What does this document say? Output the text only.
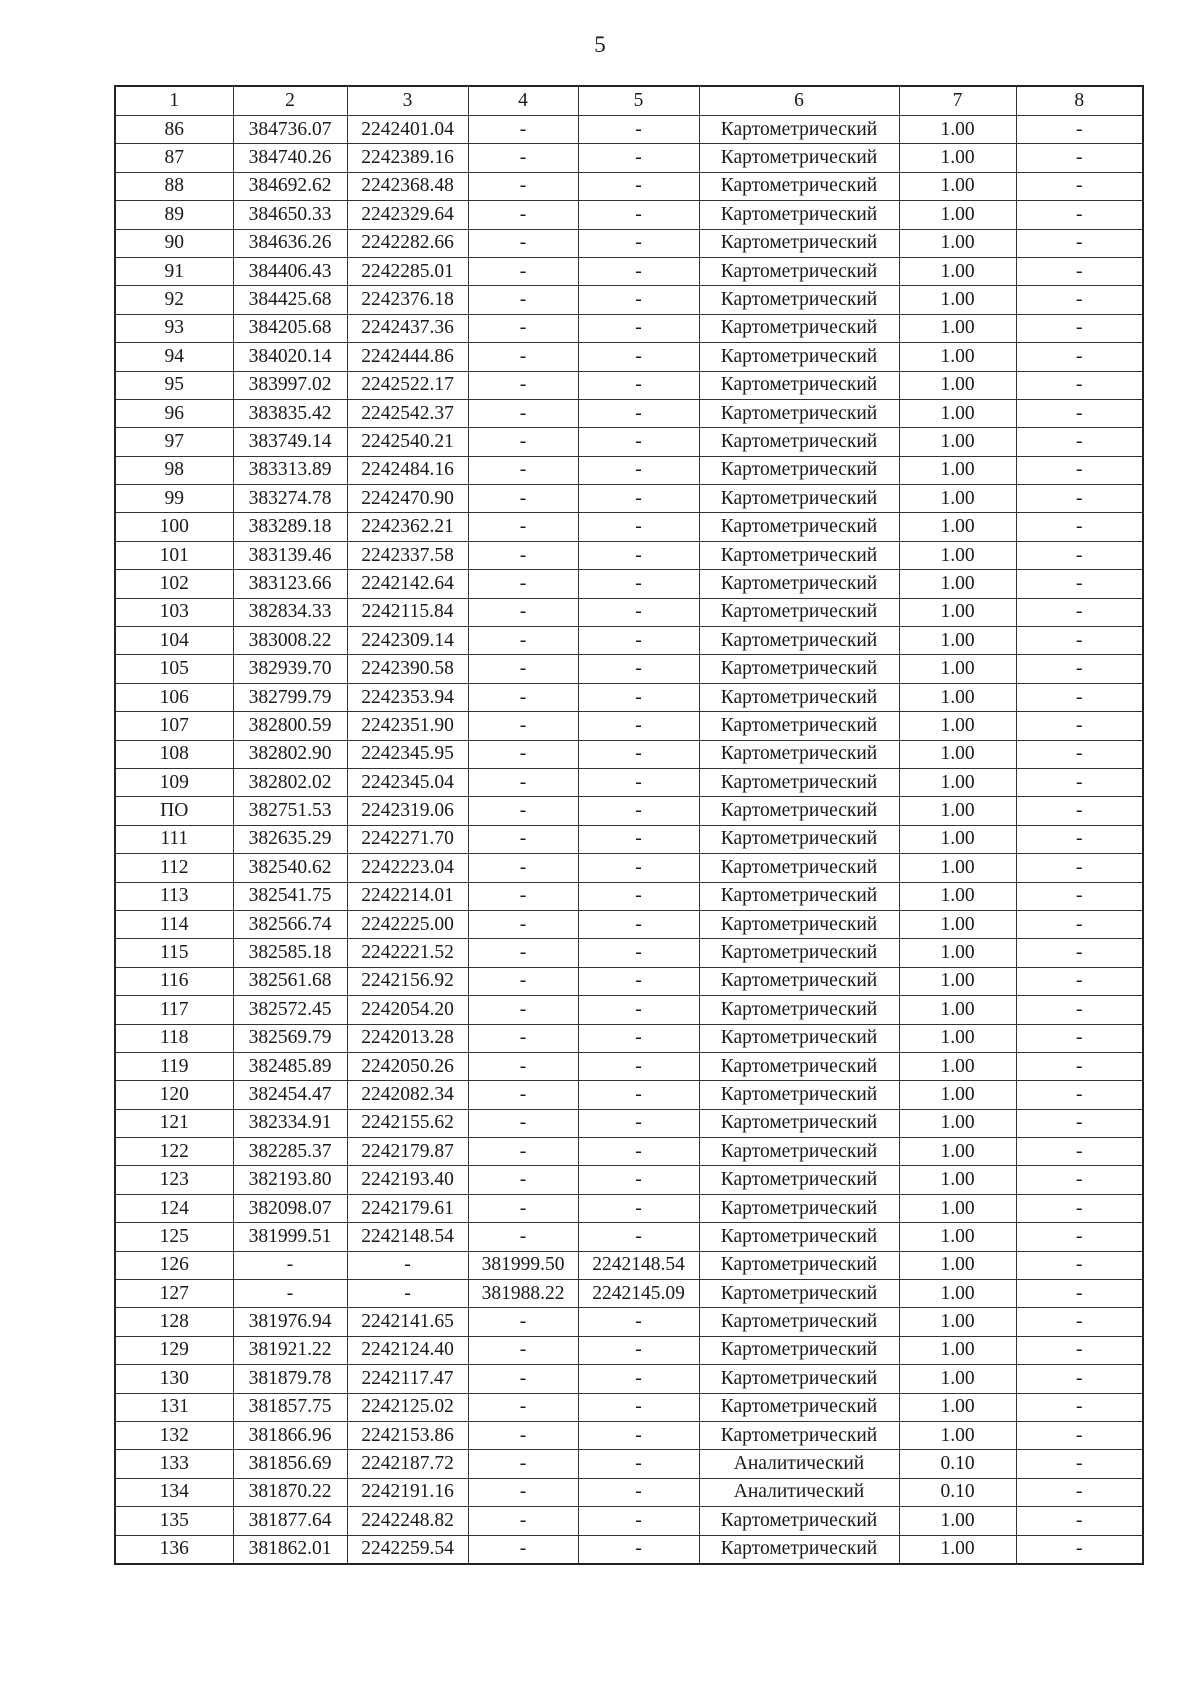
5
1	2	3	4	5	6	7	8
86	384736.07	2242401.04	-	-	Картометрический	1.00	-
87	384740.26	2242389.16	-	-	Картометрический	1.00	-
88	384692.62	2242368.48	-	-	Картометрический	1.00	-
89	384650.33	2242329.64	-	-	Картометрический	1.00	-
90	384636.26	2242282.66	-	-	Картометрический	1.00	-
91	384406.43	2242285.01	-	-	Картометрический	1.00	-
92	384425.68	2242376.18	-	-	Картометрический	1.00	-
93	384205.68	2242437.36	-	-	Картометрический	1.00	-
94	384020.14	2242444.86	-	-	Картометрический	1.00	-
95	383997.02	2242522.17	-	-	Картометрический	1.00	-
96	383835.42	2242542.37	-	-	Картометрический	1.00	-
97	383749.14	2242540.21	-	-	Картометрический	1.00	-
98	383313.89	2242484.16	-	-	Картометрический	1.00	-
99	383274.78	2242470.90	-	-	Картометрический	1.00	-
100	383289.18	2242362.21	-	-	Картометрический	1.00	-
101	383139.46	2242337.58	-	-	Картометрический	1.00	-
102	383123.66	2242142.64	-	-	Картометрический	1.00	-
103	382834.33	2242115.84	-	-	Картометрический	1.00	-
104	383008.22	2242309.14	-	-	Картометрический	1.00	-
105	382939.70	2242390.58	-	-	Картометрический	1.00	-
106	382799.79	2242353.94	-	-	Картометрический	1.00	-
107	382800.59	2242351.90	-	-	Картометрический	1.00	-
108	382802.90	2242345.95	-	-	Картометрический	1.00	-
109	382802.02	2242345.04	-	-	Картометрический	1.00	-
ПО	382751.53	2242319.06	-	-	Картометрический	1.00	-
111	382635.29	2242271.70	-	-	Картометрический	1.00	-
112	382540.62	2242223.04	-	-	Картометрический	1.00	-
113	382541.75	2242214.01	-	-	Картометрический	1.00	-
114	382566.74	2242225.00	-	-	Картометрический	1.00	-
115	382585.18	2242221.52	-	-	Картометрический	1.00	-
116	382561.68	2242156.92	-	-	Картометрический	1.00	-
117	382572.45	2242054.20	-	-	Картометрический	1.00	-
118	382569.79	2242013.28	-	-	Картометрический	1.00	-
119	382485.89	2242050.26	-	-	Картометрический	1.00	-
120	382454.47	2242082.34	-	-	Картометрический	1.00	-
121	382334.91	2242155.62	-	-	Картометрический	1.00	-
122	382285.37	2242179.87	-	-	Картометрический	1.00	-
123	382193.80	2242193.40	-	-	Картометрический	1.00	-
124	382098.07	2242179.61	-	-	Картометрический	1.00	-
125	381999.51	2242148.54	-	-	Картометрический	1.00	-
126	-	-	381999.50	2242148.54	Картометрический	1.00	-
127	-	-	381988.22	2242145.09	Картометрический	1.00	-
128	381976.94	2242141.65	-	-	Картометрический	1.00	-
129	381921.22	2242124.40	-	-	Картометрический	1.00	-
130	381879.78	2242117.47	-	-	Картометрический	1.00	-
131	381857.75	2242125.02	-	-	Картометрический	1.00	-
132	381866.96	2242153.86	-	-	Картометрический	1.00	-
133	381856.69	2242187.72	-	-	Аналитический	0.10	-
134	381870.22	2242191.16	-	-	Аналитический	0.10	-
135	381877.64	2242248.82	-	-	Картометрический	1.00	-
136	381862.01	2242259.54	-	-	Картометрический	1.00	-
